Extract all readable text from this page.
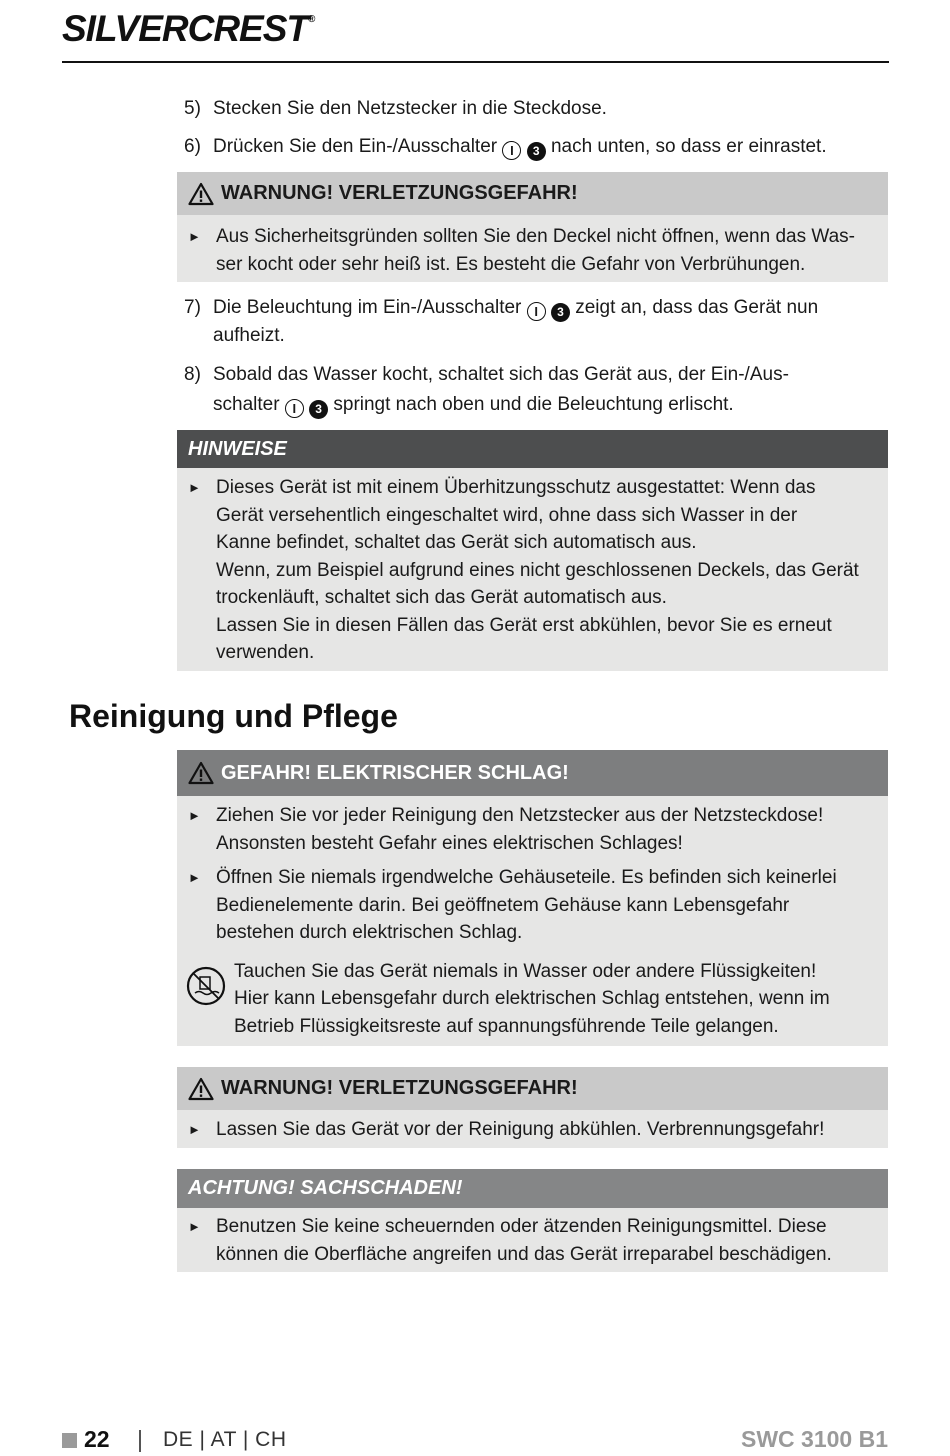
SILVERCREST®
5) Stecken Sie den Netzstecker in die Steckdose.
6) Drücken Sie den Ein-/Ausschalter I 3 nach unten, so dass er einrastet.
WARNUNG! VERLETZUNGSGEFAHR!
► Aus Sicherheitsgründen sollten Sie den Deckel nicht öffnen, wenn das Was- ser kocht oder sehr heiß ist. Es besteht die Gefahr von Verbrühungen.
7) Die Beleuchtung im Ein-/Ausschalter I 3 zeigt an, dass das Gerät nun
aufheizt.
8) Sobald das Wasser kocht, schaltet sich das Gerät aus, der Ein-/Aus-
schalter I 3 springt nach oben und die Beleuchtung erlischt.
HINWEISE
► Dieses Gerät ist mit einem Überhitzungsschutz ausgestattet: Wenn das
Gerät versehentlich eingeschaltet wird, ohne dass sich Wasser in der
Kanne befindet, schaltet das Gerät sich automatisch aus.
Wenn, zum Beispiel aufgrund eines nicht geschlossenen Deckels, das Gerät
trockenläuft, schaltet sich das Gerät automatisch aus.
Lassen Sie in diesen Fällen das Gerät erst abkühlen, bevor Sie es erneut
verwenden.
Reinigung und Pflege
GEFAHR! ELEKTRISCHER SCHLAG!
► Ziehen Sie vor jeder Reinigung den Netzstecker aus der Netzsteckdose!
Ansonsten besteht Gefahr eines elektrischen Schlages!
► Öffnen Sie niemals irgendwelche Gehäuseteile. Es befinden sich keinerlei
Bedienelemente darin. Bei geöffnetem Gehäuse kann Lebensgefahr
bestehen durch elektrischen Schlag.
Tauchen Sie das Gerät niemals in Wasser oder andere Flüssigkeiten!
Hier kann Lebensgefahr durch elektrischen Schlag entstehen, wenn im
Betrieb Flüssigkeitsreste auf spannungsführende Teile gelangen.
WARNUNG! VERLETZUNGSGEFAHR!
► Lassen Sie das Gerät vor der Reinigung abkühlen. Verbrennungsgefahr!
ACHTUNG! SACHSCHADEN!
► Benutzen Sie keine scheuernden oder ätzenden Reinigungsmittel. Diese
können die Oberfläche angreifen und das Gerät irreparabel beschädigen.
22	DE | AT | CH	SWC 3100 B1
